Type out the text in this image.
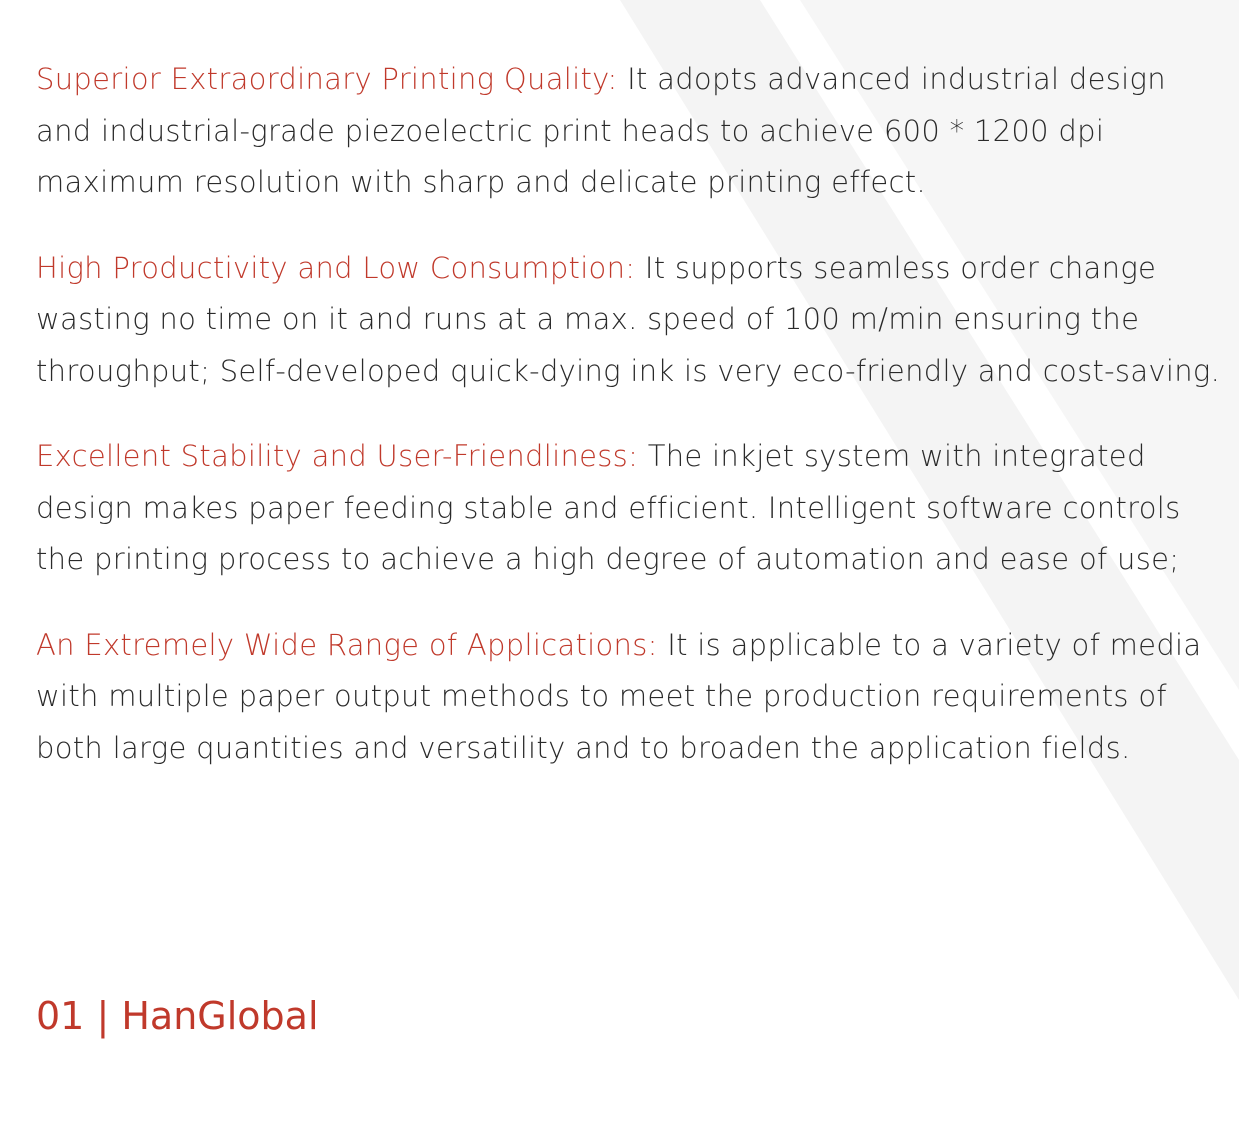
Superior Extraordinary Printing Quality: It adopts advanced industrial design and industrial-grade piezoelectric print heads to achieve 600 * 1200 dpi maximum resolution with sharp and delicate printing effect.

High Productivity and Low Consumption: It supports seamless order change wasting no time on it and runs at a max. speed of 100 m/min ensuring the throughput; Self-developed quick-dying ink is very eco-friendly and cost-saving.

Excellent Stability and User-Friendliness: The inkjet system with integrated design makes paper feeding stable and efficient. Intelligent software controls the printing process to achieve a high degree of automation and ease of use;

An Extremely Wide Range of Applications: It is applicable to a variety of media with multiple paper output methods to meet the production requirements of both large quantities and versatility and to broaden the application fields.

01 | HanGlobal
